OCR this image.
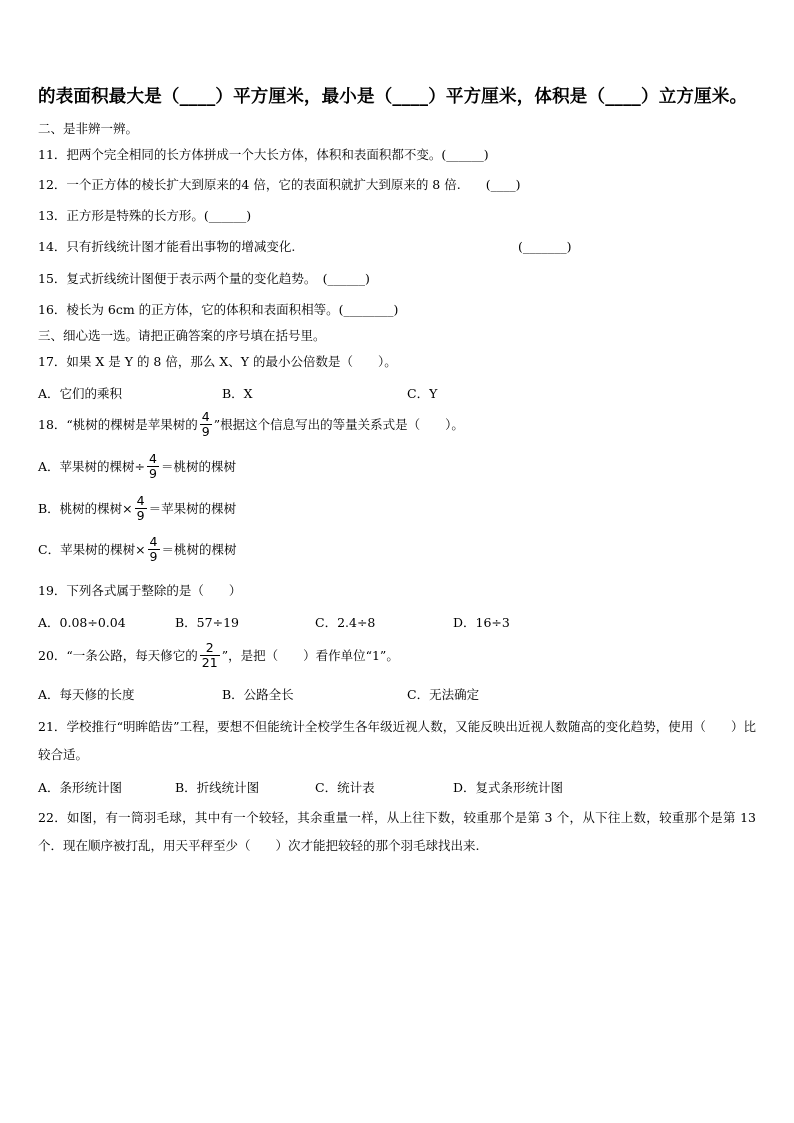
的表面积最大是（____）平方厘米，最小是（____）平方厘米，体积是（____）立方厘米。
二、是非辨一辨。
11．把两个完全相同的长方体拼成一个大长方体，体积和表面积都不变。(______)
12．一个正方体的棱长扩大到原来的4 倍，它的表面积就扩大到原来的 8 倍.　　(____)
13．正方形是特殊的长方形。(______)
14．只有折线统计图才能看出事物的增减变化.	(_______)
15．复式折线统计图便于表示两个量的变化趋势。　(______)
16．棱长为 6cm 的正方体，它的体积和表面积相等。(________)
三、细心选一选。请把正确答案的序号填在括号里。
17．如果 X 是 Y 的 8 倍，那么 X、Y 的最小公倍数是（　　）。
A．它们的乘积	B．X	C．Y
18．“桃树的棵树是苹果树的 $\frac{4}{9}$ ”根据这个信息写出的等量关系式是（　　）。
A．苹果树的棵树÷ $\frac{4}{9}$ ＝桃树的棵树
B．桃树的棵树× $\frac{4}{9}$ ＝苹果树的棵树
C．苹果树的棵树× $\frac{4}{9}$ ＝桃树的棵树
19．下列各式属于整除的是（　　）
A．0.08÷0.04	B．57÷19	C．2.4÷8	D．16÷3
20．“一条公路，每天修它的 $\frac{2}{21}$ ”，是把（　　）看作单位“1”。
A．每天修的长度	B．公路全长	C．无法确定
21．学校推行“明眸皓齿”工程，要想不但能统计全校学生各年级近视人数，又能反映出近视人数随高的变化趋势，使用（　　）比较合适。
A．条形统计图	B．折线统计图	C．统计表	D．复式条形统计图
22．如图，有一筒羽毛球，其中有一个较轻，其余重量一样，从上往下数，较重那个是第 3 个，从下往上数，较重那个是第 13 个．现在顺序被打乱，用天平秤至少（　　）次才能把较轻的那个羽毛球找出来.
